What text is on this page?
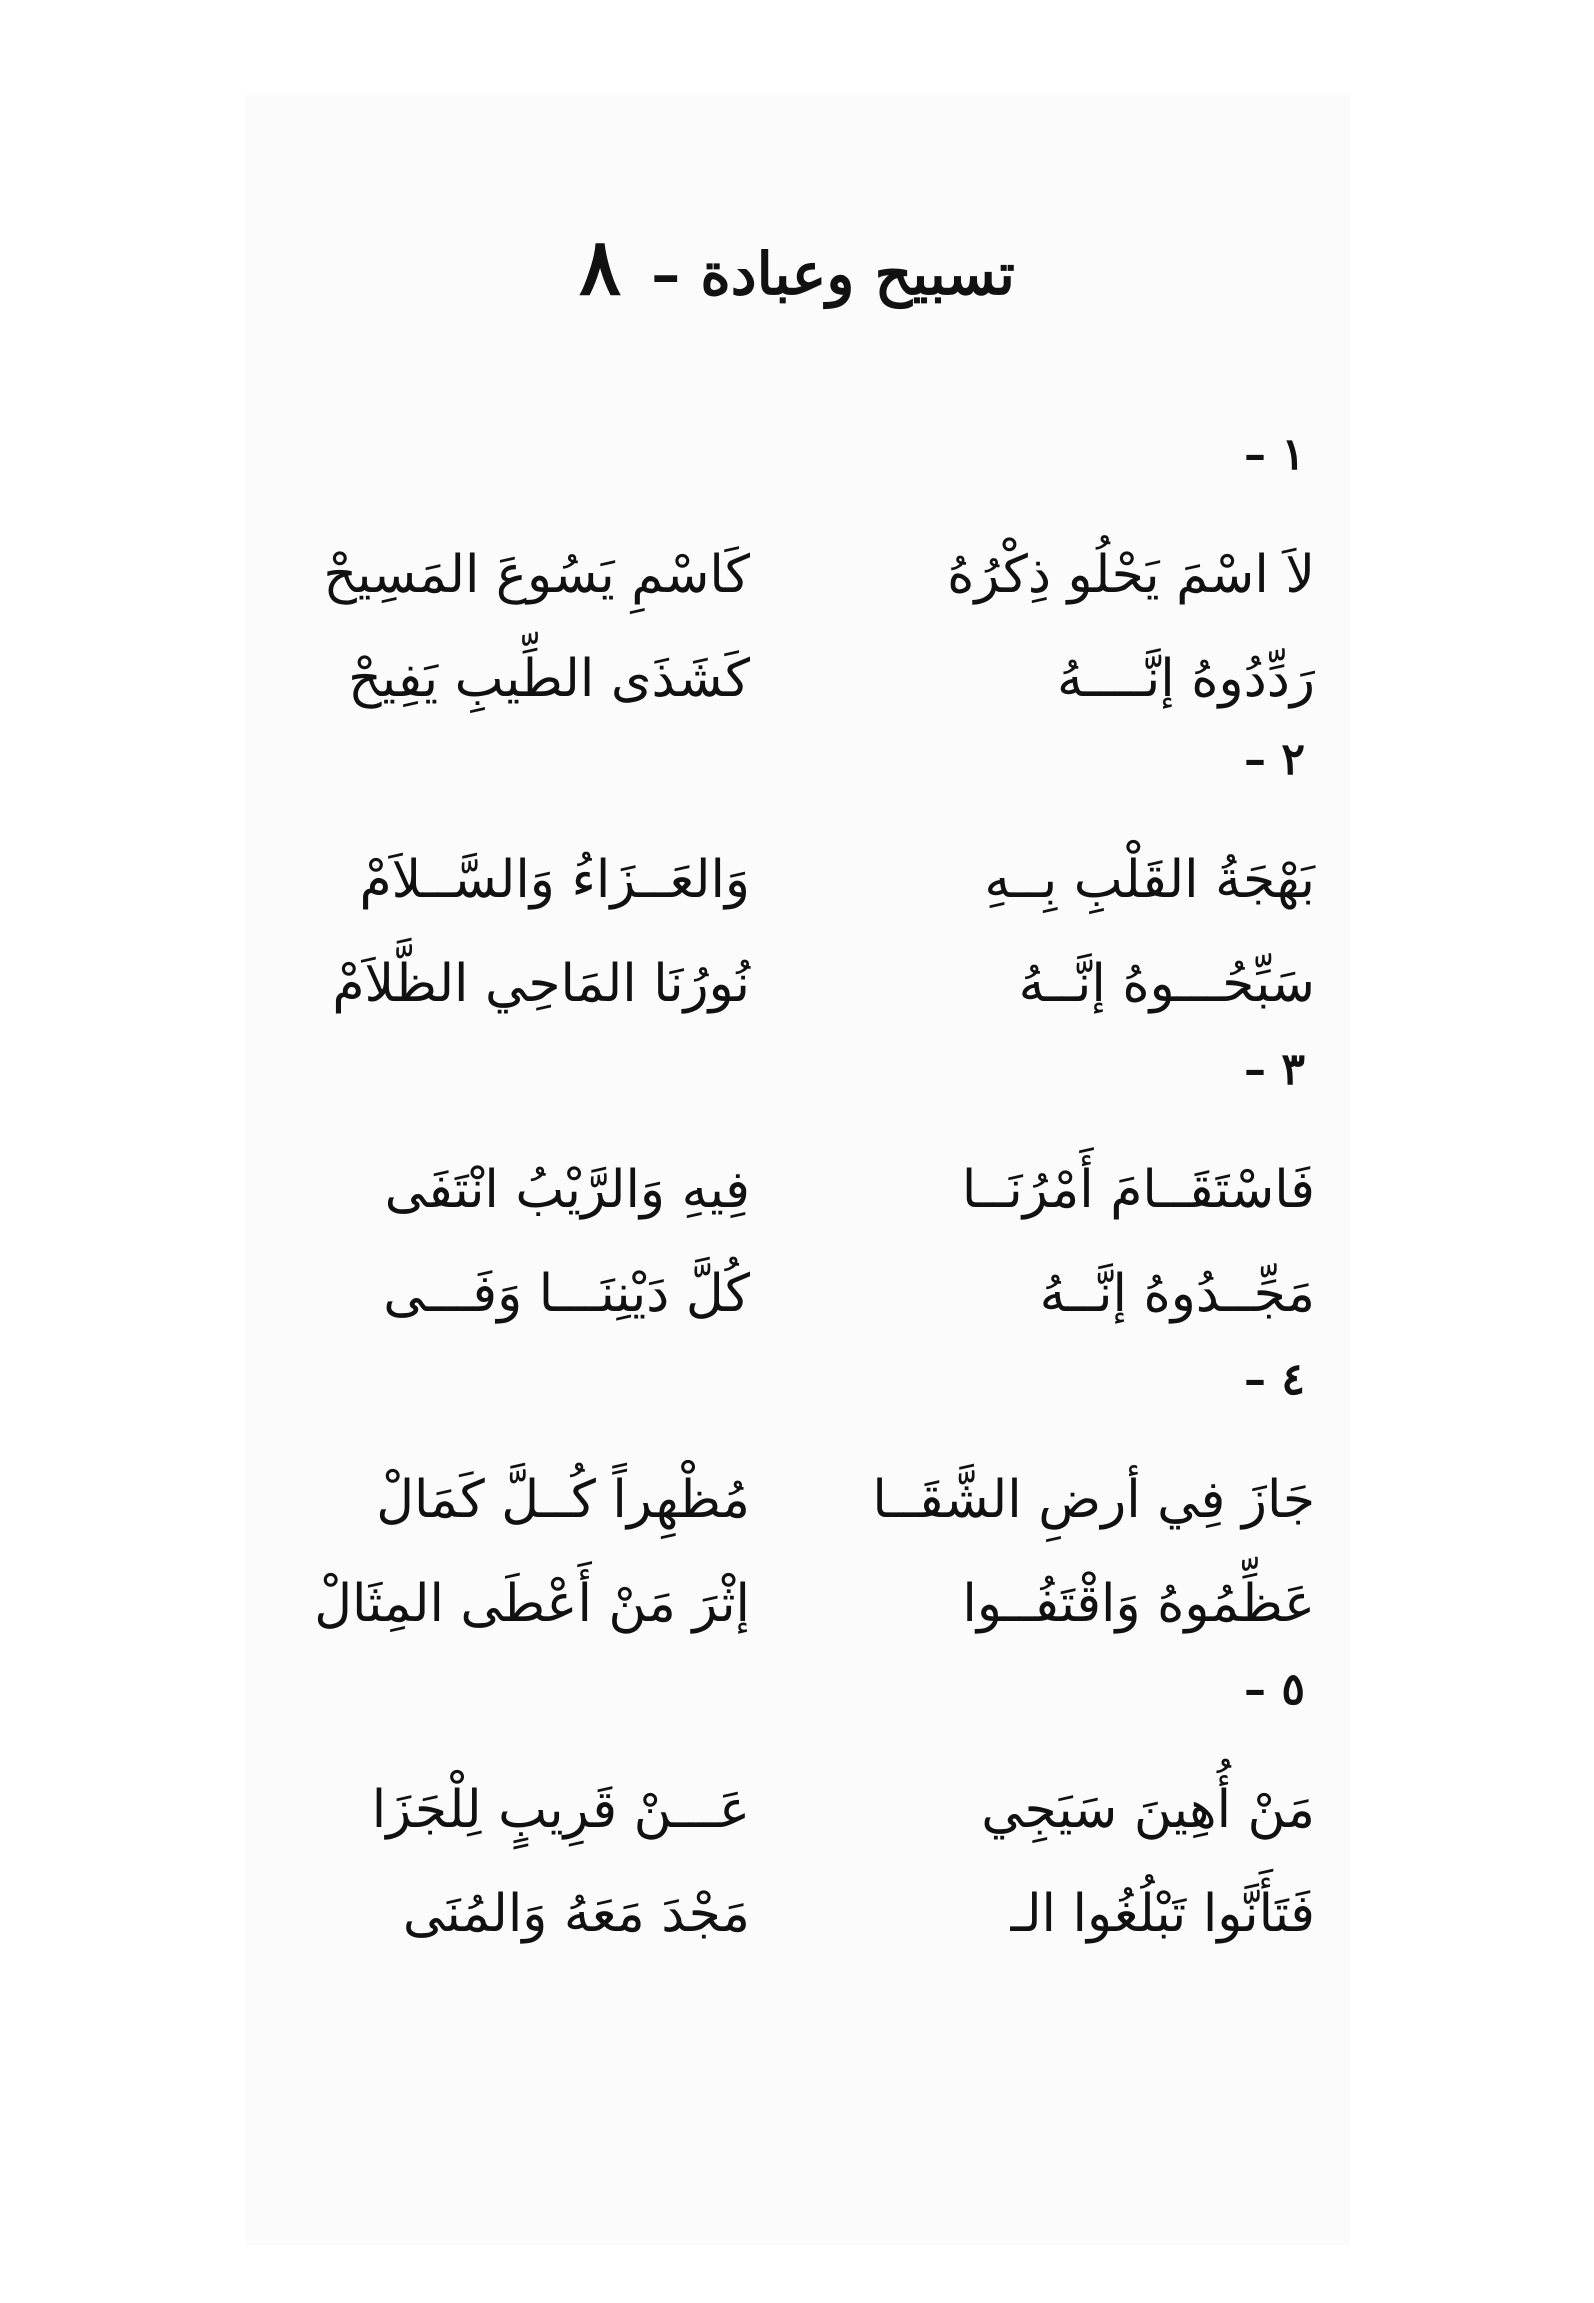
تسبيح وعبادة – ٨
١ –
لاَ اسْمَ يَحْلُو ذِكْرُهُ
كَاسْمِ يَسُوعَ المَسِيحْ
رَدِّدُوهُ إنَّــــهُ
كَشَذَى الطِّيبِ يَفِيحْ
٢ –
بَهْجَةُ القَلْبِ بِــهِ
وَالعَــزَاءُ وَالسَّــلاَمْ
سَبِّحُـــوهُ إنَّــهُ
نُورُنَا المَاحِي الظَّلاَمْ
٣ –
فَاسْتَقَــامَ أَمْرُنَــا
فِيهِ وَالرَّيْبُ انْتَفَى
مَجِّــدُوهُ إنَّــهُ
كُلَّ دَيْنِنَـــا وَفَـــى
٤ –
جَازَ فِي أرضِ الشَّقَــا
مُظْهِراً كُــلَّ كَمَالْ
عَظِّمُوهُ وَاقْتَفُــوا
إثْرَ مَنْ أَعْطَى المِثَالْ
٥ –
مَنْ أُهِينَ سَيَجِي
عَـــنْ قَرِيبٍ لِلْجَزَا
فَتَأَنَّوا تَبْلُغُوا الـ
مَجْدَ مَعَهُ وَالمُنَى
